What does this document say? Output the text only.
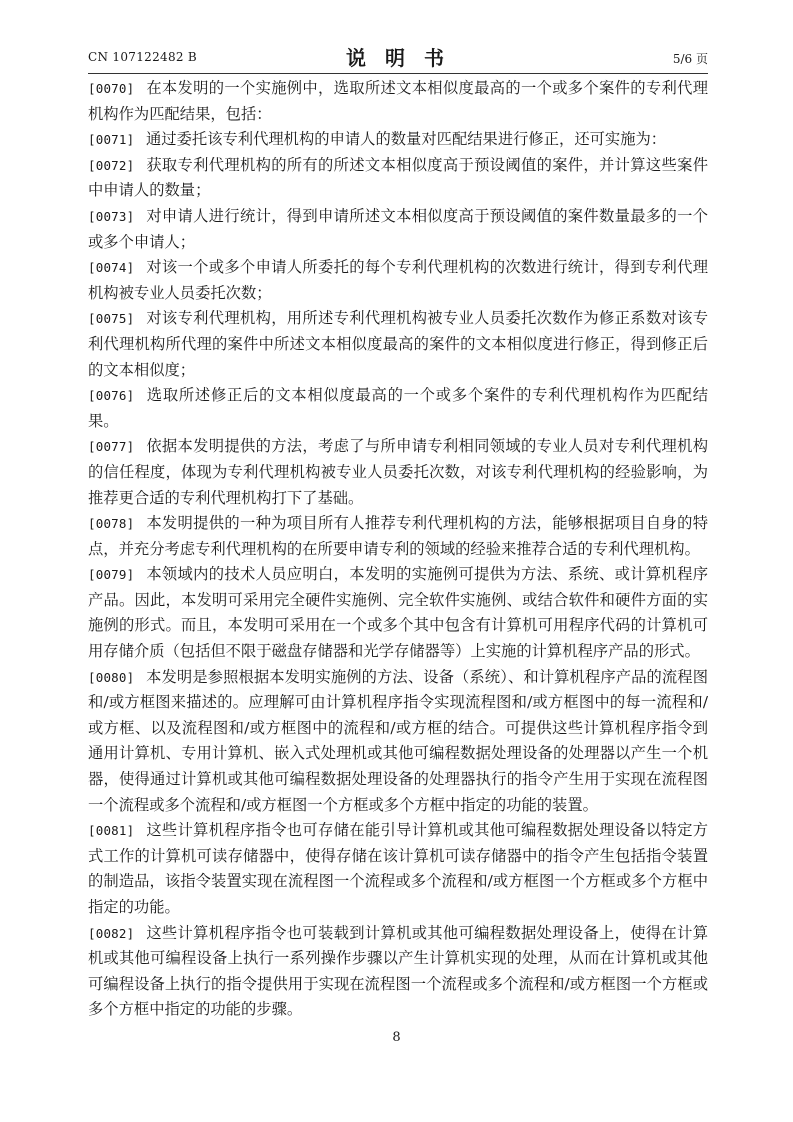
CN 107122482 B	说 明 书	5/6 页
[0070] 在本发明的一个实施例中，选取所述文本相似度最高的一个或多个案件的专利代理机构作为匹配结果，包括：
[0071] 通过委托该专利代理机构的申请人的数量对匹配结果进行修正，还可实施为：
[0072] 获取专利代理机构的所有的所述文本相似度高于预设阈值的案件，并计算这些案件中申请人的数量；
[0073] 对申请人进行统计，得到申请所述文本相似度高于预设阈值的案件数量最多的一个或多个申请人；
[0074] 对该一个或多个申请人所委托的每个专利代理机构的次数进行统计，得到专利代理机构被专业人员委托次数；
[0075] 对该专利代理机构，用所述专利代理机构被专业人员委托次数作为修正系数对该专利代理机构所代理的案件中所述文本相似度最高的案件的文本相似度进行修正，得到修正后的文本相似度；
[0076] 选取所述修正后的文本相似度最高的一个或多个案件的专利代理机构作为匹配结果。
[0077] 依据本发明提供的方法，考虑了与所申请专利相同领域的专业人员对专利代理机构的信任程度，体现为专利代理机构被专业人员委托次数，对该专利代理机构的经验影响，为推荐更合适的专利代理机构打下了基础。
[0078] 本发明提供的一种为项目所有人推荐专利代理机构的方法，能够根据项目自身的特点，并充分考虑专利代理机构的在所要申请专利的领域的经验来推荐合适的专利代理机构。
[0079] 本领域内的技术人员应明白，本发明的实施例可提供为方法、系统、或计算机程序产品。因此，本发明可采用完全硬件实施例、完全软件实施例、或结合软件和硬件方面的实施例的形式。而且，本发明可采用在一个或多个其中包含有计算机可用程序代码的计算机可用存储介质（包括但不限于磁盘存储器和光学存储器等）上实施的计算机程序产品的形式。
[0080] 本发明是参照根据本发明实施例的方法、设备（系统）、和计算机程序产品的流程图和/或方框图来描述的。应理解可由计算机程序指令实现流程图和/或方框图中的每一流程和/或方框、以及流程图和/或方框图中的流程和/或方框的结合。可提供这些计算机程序指令到通用计算机、专用计算机、嵌入式处理机或其他可编程数据处理设备的处理器以产生一个机器，使得通过计算机或其他可编程数据处理设备的处理器执行的指令产生用于实现在流程图一个流程或多个流程和/或方框图一个方框或多个方框中指定的功能的装置。
[0081] 这些计算机程序指令也可存储在能引导计算机或其他可编程数据处理设备以特定方式工作的计算机可读存储器中，使得存储在该计算机可读存储器中的指令产生包括指令装置的制造品，该指令装置实现在流程图一个流程或多个流程和/或方框图一个方框或多个方框中指定的功能。
[0082] 这些计算机程序指令也可装载到计算机或其他可编程数据处理设备上，使得在计算机或其他可编程设备上执行一系列操作步骤以产生计算机实现的处理，从而在计算机或其他可编程设备上执行的指令提供用于实现在流程图一个流程或多个流程和/或方框图一个方框或多个方框中指定的功能的步骤。
8
